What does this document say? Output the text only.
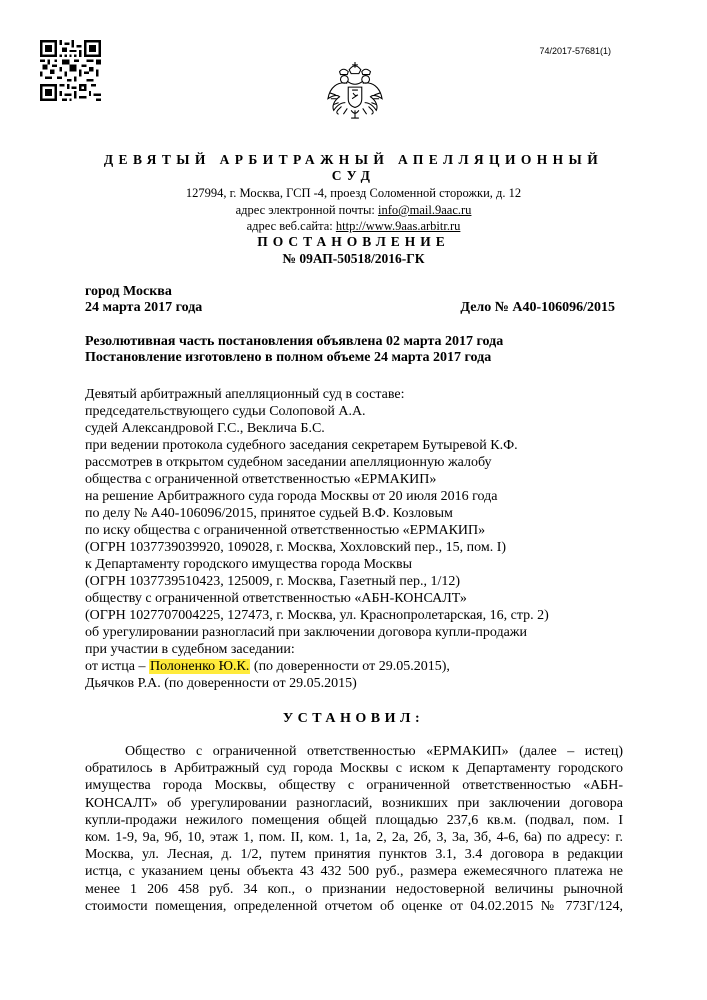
74/2017-57681(1)
ДЕВЯТЫЙ АРБИТРАЖНЫЙ АПЕЛЛЯЦИОННЫЙ
СУД
127994, г. Москва, ГСП -4, проезд Соломенной сторожки, д. 12
адрес электронной почты: info@mail.9aac.ru
адрес веб.сайта: http://www.9aas.arbitr.ru
ПОСТАНОВЛЕНИЕ
№ 09АП-50518/2016-ГК
город Москва
24 марта 2017 года	Дело № А40-106096/2015
Резолютивная часть постановления объявлена 02 марта 2017 года
Постановление изготовлено в полном объеме 24 марта 2017 года
Девятый арбитражный апелляционный суд в составе:
председательствующего судьи Солоповой А.А.
судей Александровой Г.С., Веклича Б.С.
при ведении протокола судебного заседания секретарем Бутыревой К.Ф.
рассмотрев в открытом судебном заседании апелляционную жалобу
общества с ограниченной ответственностью «ЕРМАКИП»
на решение Арбитражного суда города Москвы от 20 июля 2016 года
по делу № А40-106096/2015, принятое судьей В.Ф. Козловым
по иску общества с ограниченной ответственностью «ЕРМАКИП»
(ОГРН 1037739039920, 109028, г. Москва, Хохловский пер., 15, пом. I)
к Департаменту городского имущества города Москвы
(ОГРН 1037739510423, 125009, г. Москва, Газетный пер., 1/12)
обществу с ограниченной ответственностью «АБН-КОНСАЛТ»
(ОГРН 1027707004225, 127473, г. Москва, ул. Краснопролетарская, 16, стр. 2)
об урегулировании разногласий при заключении договора купли-продажи
при участии в судебном заседании:
от истца – Полоненко Ю.К. (по доверенности от 29.05.2015),
Дьячков Р.А. (по доверенности от 29.05.2015)
УСТАНОВИЛ:
Общество с ограниченной ответственностью «ЕРМАКИП» (далее – истец)
обратилось в Арбитражный суд города Москвы с иском к Департаменту городского
имущества города Москвы, обществу с ограниченной ответственностью «АБН-
КОНСАЛТ» об урегулировании разногласий, возникших при заключении договора
купли-продажи нежилого помещения общей площадью 237,6 кв.м. (подвал, пом. I
ком. 1-9, 9а, 9б, 10, этаж 1, пом. II, ком. 1, 1а, 2, 2а, 2б, 3, 3а, 3б, 4-6, 6а) по адресу: г.
Москва, ул. Лесная, д. 1/2, путем принятия пунктов 3.1, 3.4 договора в редакции
истца, с указанием цены объекта 43 432 500 руб., размера ежемесячного платежа не
менее 1 206 458 руб. 34 коп., о признании недостоверной величины рыночной
стоимости помещения, определенной отчетом об оценке от 04.02.2015 № 773Г/124,
